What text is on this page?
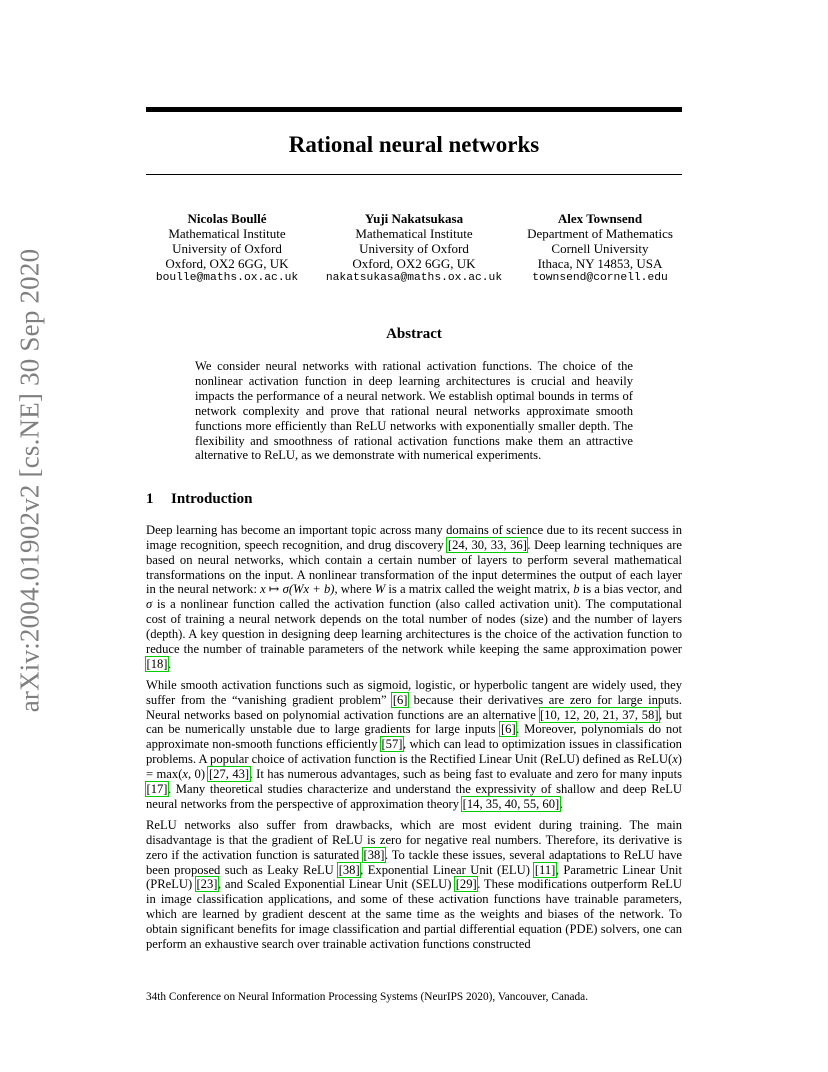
arXiv:2004.01902v2 [cs.NE] 30 Sep 2020
Rational neural networks
Nicolas Boullé
Mathematical Institute
University of Oxford
Oxford, OX2 6GG, UK
boulle@maths.ox.ac.uk
Yuji Nakatsukasa
Mathematical Institute
University of Oxford
Oxford, OX2 6GG, UK
nakatsukasa@maths.ox.ac.uk
Alex Townsend
Department of Mathematics
Cornell University
Ithaca, NY 14853, USA
townsend@cornell.edu
Abstract

We consider neural networks with rational activation functions. The choice of the nonlinear activation function in deep learning architectures is crucial and heavily impacts the performance of a neural network. We establish optimal bounds in terms of network complexity and prove that rational neural networks approximate smooth functions more efficiently than ReLU networks with exponentially smaller depth. The flexibility and smoothness of rational activation functions make them an attractive alternative to ReLU, as we demonstrate with numerical experiments.

1 Introduction

Deep learning has become an important topic across many domains of science due to its recent success in image recognition, speech recognition, and drug discovery [24, 30, 33, 36]. Deep learning techniques are based on neural networks, which contain a certain number of layers to perform several mathematical transformations on the input. A nonlinear transformation of the input determines the output of each layer in the neural network: x ↦ σ(Wx + b), where W is a matrix called the weight matrix, b is a bias vector, and σ is a nonlinear function called the activation function (also called activation unit). The computational cost of training a neural network depends on the total number of nodes (size) and the number of layers (depth). A key question in designing deep learning architectures is the choice of the activation function to reduce the number of trainable parameters of the network while keeping the same approximation power [18].

While smooth activation functions such as sigmoid, logistic, or hyperbolic tangent are widely used, they suffer from the “vanishing gradient problem” [6] because their derivatives are zero for large inputs. Neural networks based on polynomial activation functions are an alternative [10, 12, 20, 21, 37, 58], but can be numerically unstable due to large gradients for large inputs [6]. Moreover, polynomials do not approximate non-smooth functions efficiently [57], which can lead to optimization issues in classification problems. A popular choice of activation function is the Rectified Linear Unit (ReLU) defined as ReLU(x) = max(x, 0) [27, 43]. It has numerous advantages, such as being fast to evaluate and zero for many inputs [17]. Many theoretical studies characterize and understand the expressivity of shallow and deep ReLU neural networks from the perspective of approximation theory [14, 35, 40, 55, 60].

ReLU networks also suffer from drawbacks, which are most evident during training. The main disadvantage is that the gradient of ReLU is zero for negative real numbers. Therefore, its derivative is zero if the activation function is saturated [38]. To tackle these issues, several adaptations to ReLU have been proposed such as Leaky ReLU [38], Exponential Linear Unit (ELU) [11], Parametric Linear Unit (PReLU) [23], and Scaled Exponential Linear Unit (SELU) [29]. These modifications outperform ReLU in image classification applications, and some of these activation functions have trainable parameters, which are learned by gradient descent at the same time as the weights and biases of the network. To obtain significant benefits for image classification and partial differential equation (PDE) solvers, one can perform an exhaustive search over trainable activation functions constructed

34th Conference on Neural Information Processing Systems (NeurIPS 2020), Vancouver, Canada.
